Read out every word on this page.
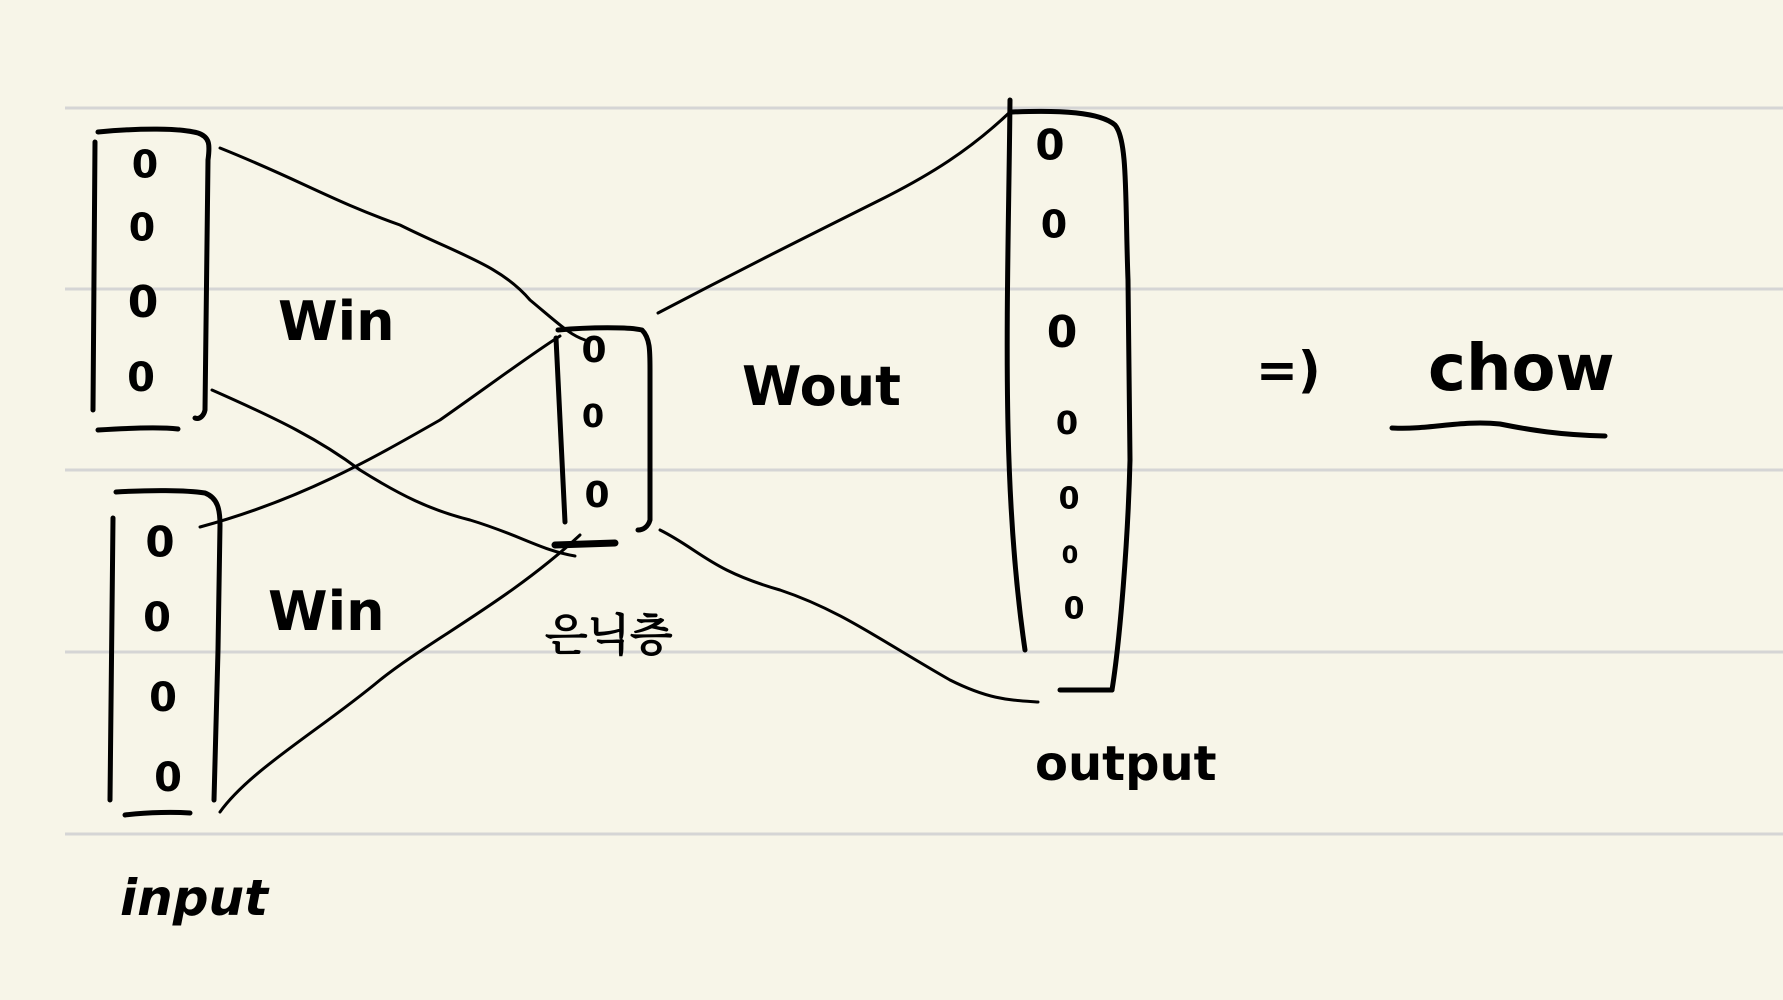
0
0
0
0
0
0
0
0
input
0
0
0
은닉층
0
0
0
0
0
0
0
output
Win
Win
Wout	=) chow
